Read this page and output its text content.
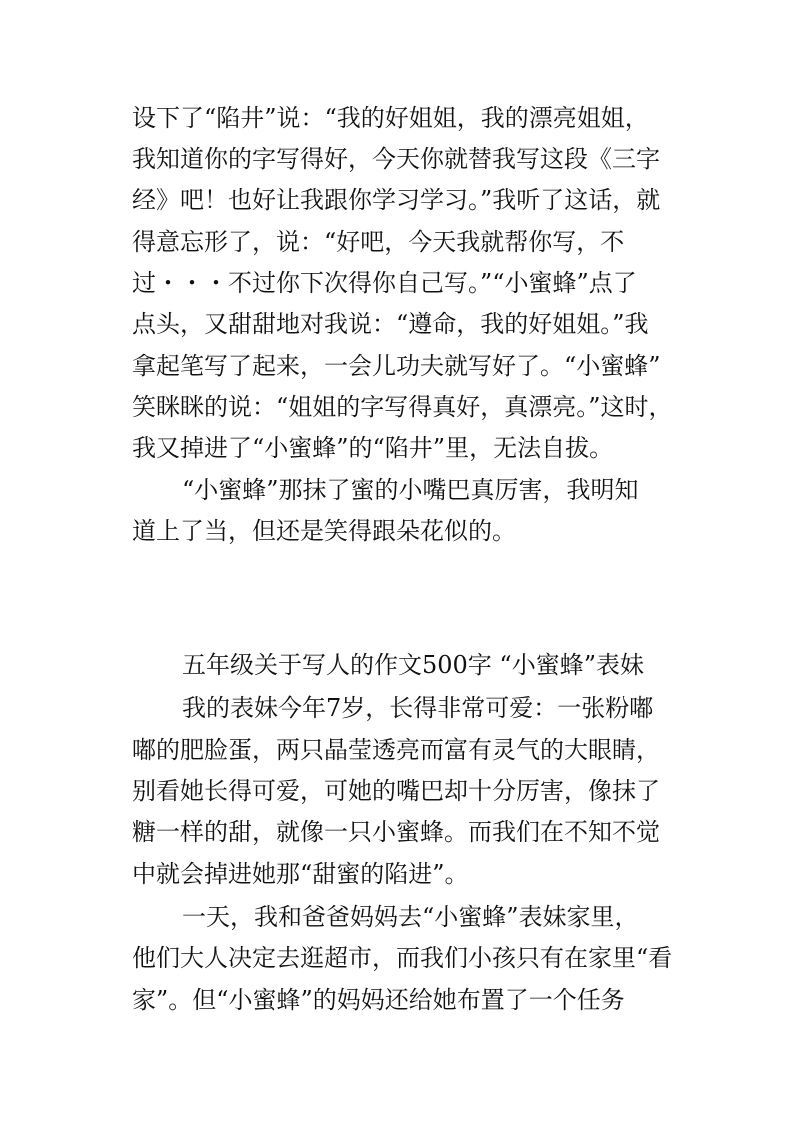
设下了“陷井”说：“我的好姐姐，我的漂亮姐姐，
我知道你的字写得好，今天你就替我写这段《三字
经》吧！也好让我跟你学习学习。”我听了这话，就
得意忘形了，说：“好吧，今天我就帮你写，不
过・・・不过你下次得你自己写。”“小蜜蜂”点了
点头，又甜甜地对我说：“遵命，我的好姐姐。”我
拿起笔写了起来，一会儿功夫就写好了。“小蜜蜂”
笑眯眯的说：“姐姐的字写得真好，真漂亮。”这时，
我又掉进了“小蜜蜂”的“陷井”里，无法自拔。
“小蜜蜂”那抹了蜜的小嘴巴真厉害，我明知
道上了当，但还是笑得跟朵花似的。
五年级关于写人的作文500字 “小蜜蜂”表妹
我的表妹今年7岁，长得非常可爱：一张粉嘟
嘟的肥脸蛋，两只晶莹透亮而富有灵气的大眼睛，
别看她长得可爱，可她的嘴巴却十分厉害，像抹了
糖一样的甜，就像一只小蜜蜂。而我们在不知不觉
中就会掉进她那“甜蜜的陷进”。
一天，我和爸爸妈妈去“小蜜蜂”表妹家里，
他们大人决定去逛超市，而我们小孩只有在家里“看
家”。但“小蜜蜂”的妈妈还给她布置了一个任务
